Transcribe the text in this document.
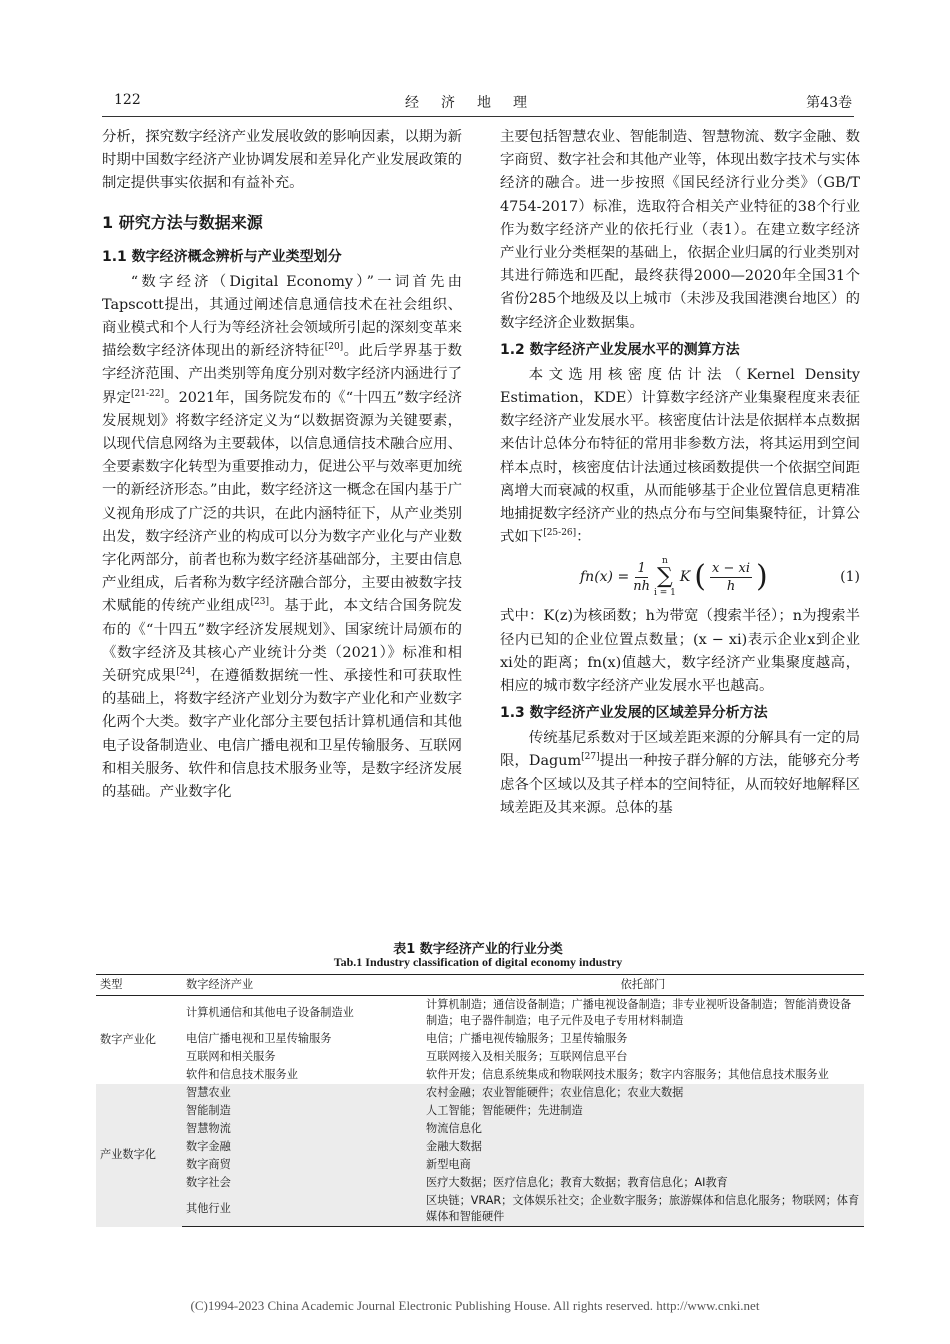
122	经济地理	第43卷

分析，探究数字经济产业发展收敛的影响因素，以期为新时期中国数字经济产业协调发展和差异化产业发展政策的制定提供事实依据和有益补充。

1 研究方法与数据来源
1.1 数字经济概念辨析与产业类型划分

“数字经济（Digital Economy）”一词首先由Tapscott提出，其通过阐述信息通信技术在社会组织、商业模式和个人行为等经济社会领域所引起的深刻变革来描绘数字经济体现出的新经济特征[20]。此后学界基于数字经济范围、产出类别等角度分别对数字经济内涵进行了界定[21-22]。2021年，国务院发布的《“十四五”数字经济发展规划》将数字经济定义为“以数据资源为关键要素，以现代信息网络为主要载体，以信息通信技术融合应用、全要素数字化转型为重要推动力，促进公平与效率更加统一的新经济形态。”由此，数字经济这一概念在国内基于广义视角形成了广泛的共识，在此内涵特征下，从产业类别出发，数字经济产业的构成可以分为数字产业化与产业数字化两部分，前者也称为数字经济基础部分，主要由信息产业组成，后者称为数字经济融合部分，主要由被数字技术赋能的传统产业组成[23]。基于此，本文结合国务院发布的《“十四五”数字经济发展规划》、国家统计局颁布的《数字经济及其核心产业统计分类（2021）》标准和相关研究成果[24]，在遵循数据统一性、承接性和可获取性的基础上，将数字经济产业划分为数字产业化和产业数字化两个大类。数字产业化部分主要包括计算机通信和其他电子设备制造业、电信广播电视和卫星传输服务、互联网和相关服务、软件和信息技术服务业等，是数字经济发展的基础。产业数字化

主要包括智慧农业、智能制造、智慧物流、数字金融、数字商贸、数字社会和其他产业等，体现出数字技术与实体经济的融合。进一步按照《国民经济行业分类》（GB/T 4754-2017）标准，选取符合相关产业特征的38个行业作为数字经济产业的依托行业（表1）。在建立数字经济产业行业分类框架的基础上，依据企业归属的行业类别对其进行筛选和匹配，最终获得2000—2020年全国31个省份285个地级及以上城市（未涉及我国港澳台地区）的数字经济企业数据集。

1.2 数字经济产业发展水平的测算方法

本文选用核密度估计法（Kernel Density Estimation，KDE）计算数字经济产业集聚程度来表征数字经济产业发展水平。核密度估计法是依据样本点数据来估计总体分布特征的常用非参数方法，将其运用到空间样本点时，核密度估计法通过核函数提供一个依据空间距离增大而衰减的权重，从而能够基于企业位置信息更精准地捕捉数字经济产业的热点分布与空间集聚特征，计算公式如下[25-26]：

$fn(x) = \frac{1}{nh}$ n
∑
i = 1
K ( $\frac{x - xi}{h}$ )	(1)

式中：K(z)为核函数；h为带宽（搜索半径）；n为搜索半径内已知的企业位置点数量；(x − xi)表示企业x到企业xi处的距离；fn(x)值越大，数字经济产业集聚度越高，相应的城市数字经济产业发展水平也越高。

1.3 数字经济产业发展的区域差异分析方法

传统基尼系数对于区域差距来源的分解具有一定的局限，Dagum[27]提出一种按子群分解的方法，能够充分考虑各个区域以及其子样本的空间特征，从而较好地解释区域差距及其来源。总体的基

表1 数字经济产业的行业分类
Tab.1 Industry classification of digital economy industry
类型	数字经济产业	依托部门
数字产业化	计算机通信和其他电子设备制造业	计算机制造；通信设备制造；广播电视设备制造；非专业视听设备制造；智能消费设备制造；电子器件制造；电子元件及电子专用材料制造
	电信广播电视和卫星传输服务	电信；广播电视传输服务；卫星传输服务
	互联网和相关服务	互联网接入及相关服务；互联网信息平台
	软件和信息技术服务业	软件开发；信息系统集成和物联网技术服务；数字内容服务；其他信息技术服务业
产业数字化	智慧农业	农村金融；农业智能硬件；农业信息化；农业大数据
	智能制造	人工智能；智能硬件；先进制造
	智慧物流	物流信息化
	数字金融	金融大数据
	数字商贸	新型电商
	数字社会	医疗大数据；医疗信息化；教育大数据；教育信息化；AI教育
	其他行业	区块链；VRAR；文体娱乐社交；企业数字服务；旅游媒体和信息化服务；物联网；体育媒体和智能硬件
(C)1994-2023 China Academic Journal Electronic Publishing House. All rights reserved. http://www.cnki.net
